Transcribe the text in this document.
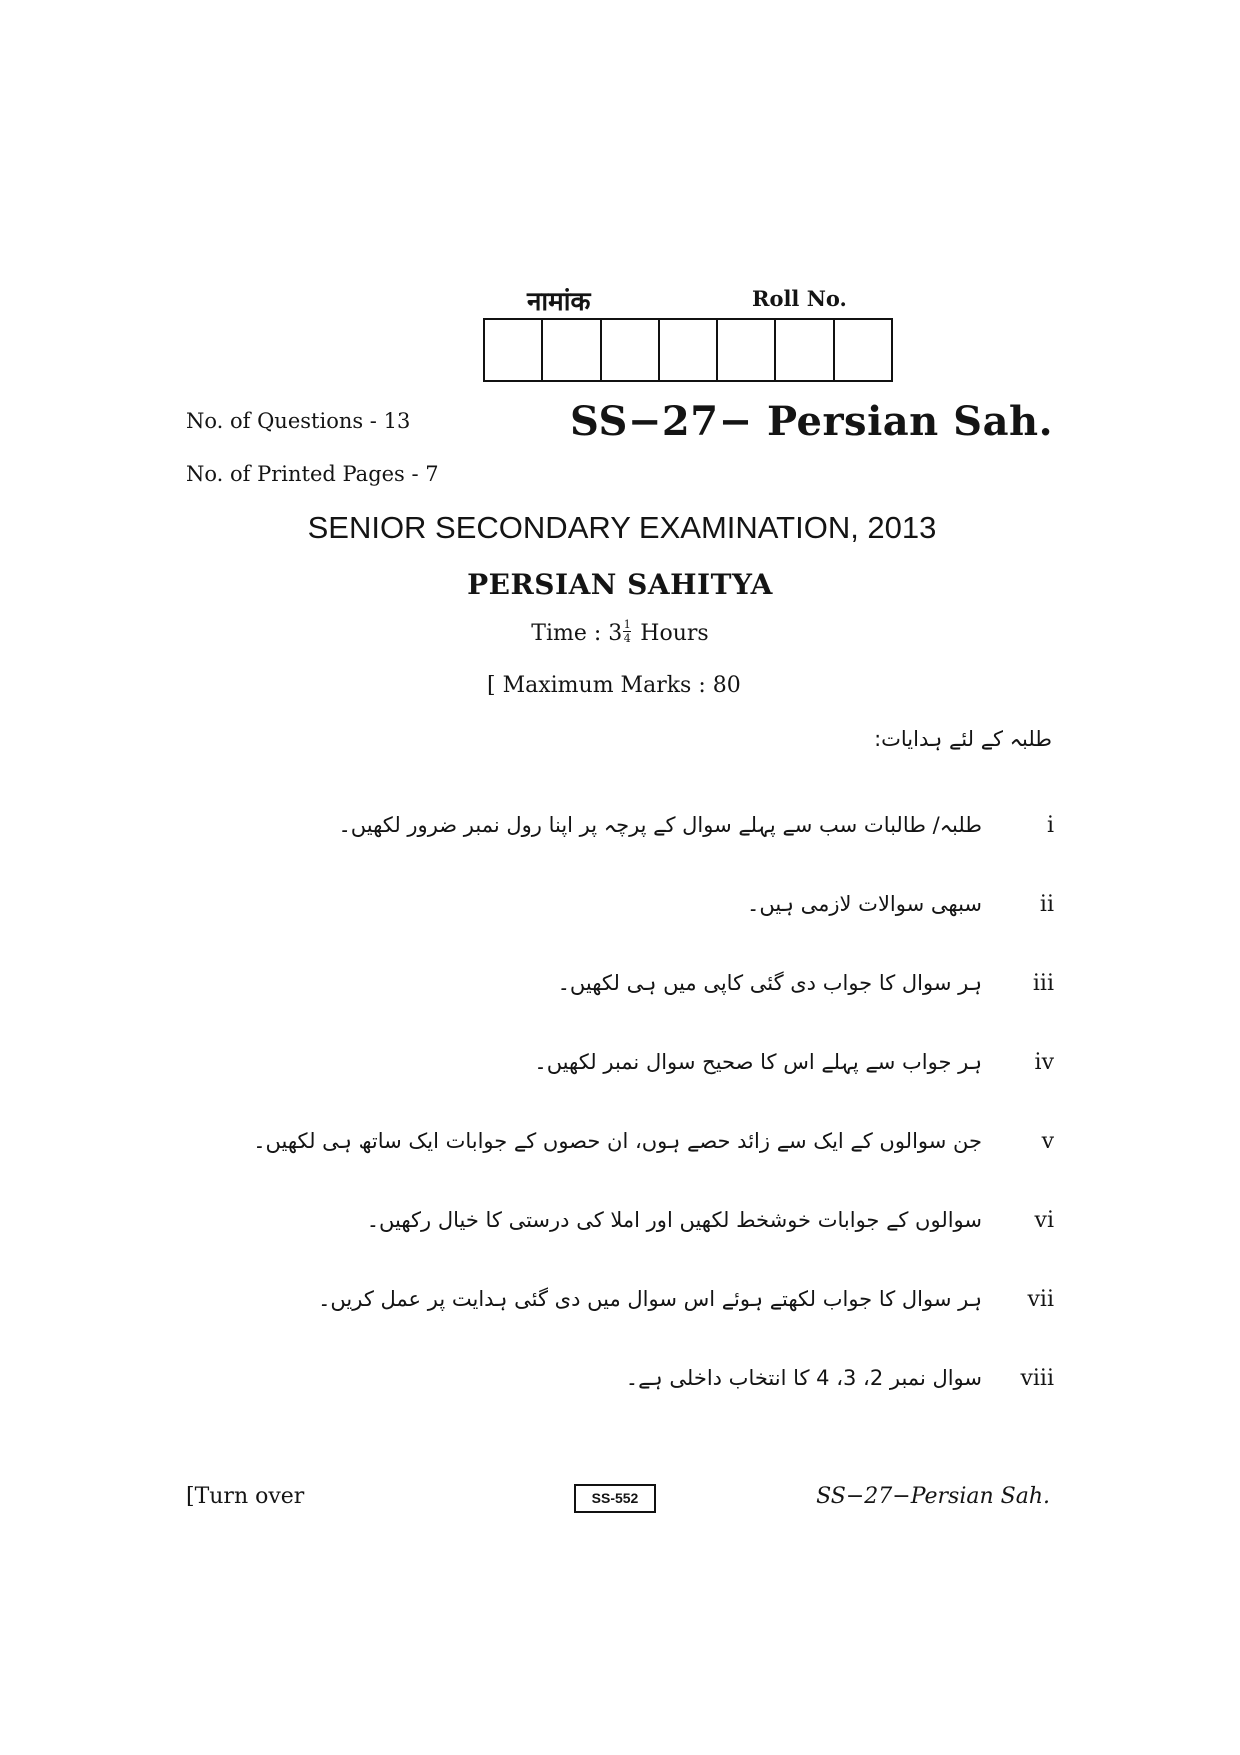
नामांक	Roll No.
No. of Questions - 13	SS−27− Persian Sah.
No. of Printed Pages - 7
SENIOR SECONDARY EXAMINATION, 2013
PERSIAN SAHITYA
Time : $3 \frac{1}{4}$ Hours
[ Maximum Marks : 80
طلبہ کے لئے ہدایات:
i
طلبہ/ طالبات سب سے پہلے سوال کے پرچہ پر اپنا رول نمبر ضرور لکھیں۔
ii
سبھی سوالات لازمی ہیں۔
iii
ہر سوال کا جواب دی گئی کاپی میں ہی لکھیں۔
iv
ہر جواب سے پہلے اس کا صحیح سوال نمبر لکھیں۔
v
جن سوالوں کے ایک سے زائد حصے ہوں، ان حصوں کے جوابات ایک ساتھ ہی لکھیں۔
vi
سوالوں کے جوابات خوشخط لکھیں اور املا کی درستی کا خیال رکھیں۔
vii
ہر سوال کا جواب لکھتے ہوئے اس سوال میں دی گئی ہدایت پر عمل کریں۔
viii
سوال نمبر 2، 3، 4 کا انتخاب داخلی ہے۔
[Turn over	SS-552	SS−27−Persian Sah.
